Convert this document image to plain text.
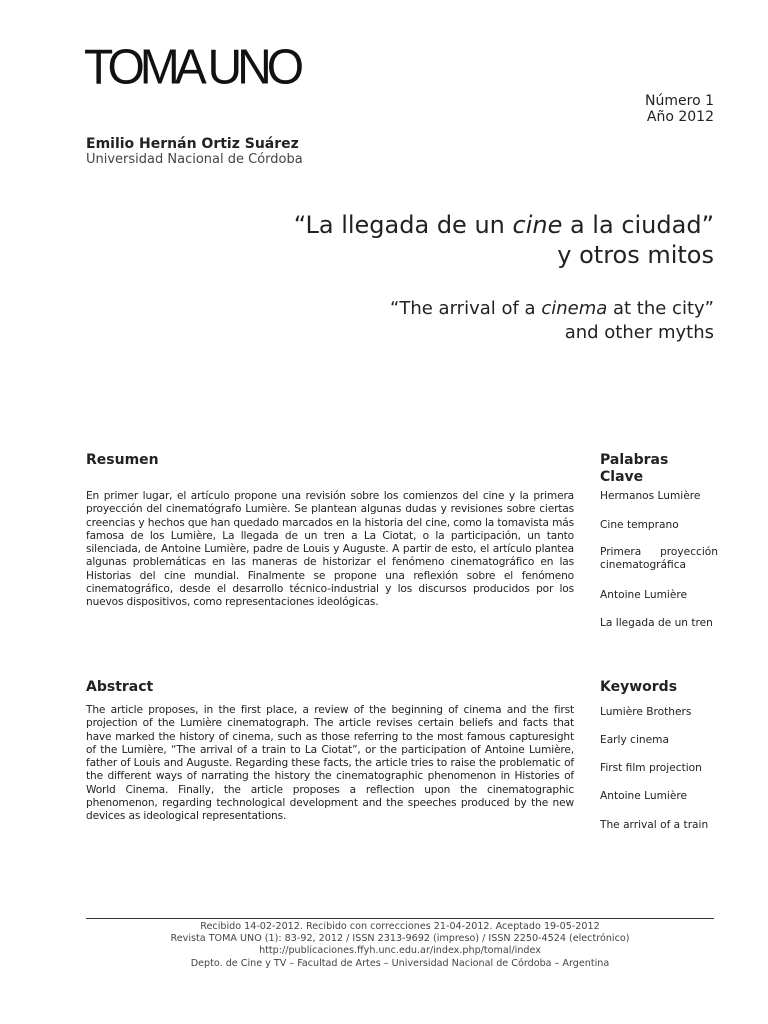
TOMA UNO
Número 1
Año 2012
Emilio Hernán Ortiz Suárez
Universidad Nacional de Córdoba
“La llegada de un cine a la ciudad”
y otros mitos
“The arrival of a cinema at the city”
and other myths
Resumen
En primer lugar, el artículo propone una revisión sobre los comienzos del cine y la primera proyección del cinematógrafo Lumière. Se plantean algunas dudas y revisiones sobre ciertas creencias y hechos que han quedado marcados en la historia del cine, como la tomavista más famosa de los Lumière, La llegada de un tren a La Ciotat, o la participación, un tanto silenciada, de Antoine Lumière, padre de Louis y Auguste. A partir de esto, el artículo plantea algunas problemáticas en las maneras de historizar el fenómeno cinematográfico en las Historias del cine mundial. Finalmente se propone una reflexión sobre el fenómeno cinematográfico, desde el desarrollo técnico-industrial y los discursos producidos por los nuevos dispositivos, como representaciones ideológicas.
Palabras
Clave
Hermanos Lumière
Cine temprano
Primera proyección cinematográfica
Antoine Lumière
La llegada de un tren
Abstract
The article proposes, in the first place, a review of the beginning of cinema and the first projection of the Lumière cinematograph. The article revises certain beliefs and facts that have marked the history of cinema, such as those referring to the most famous capturesight of the Lumière, “The arrival of a train to La Ciotat”, or the participation of Antoine Lumière, father of Louis and Auguste. Regarding these facts, the article tries to raise the problematic of the different ways of narrating the history the cinematographic phenomenon in Histories of World Cinema. Finally, the article proposes a reflection upon the cinematographic phenomenon, regarding technological development and the speeches produced by the new devices as ideological representations.
Keywords
Lumière Brothers
Early cinema
First film projection
Antoine Lumière
The arrival of a train
Recibido 14-02-2012. Recibido con correcciones 21-04-2012. Aceptado 19-05-2012
Revista TOMA UNO (1): 83-92, 2012 / ISSN 2313-9692 (impreso) / ISSN 2250-4524 (electrónico)
http://publicaciones.ffyh.unc.edu.ar/index.php/tomal/index
Depto. de Cine y TV – Facultad de Artes – Universidad Nacional de Córdoba – Argentina
